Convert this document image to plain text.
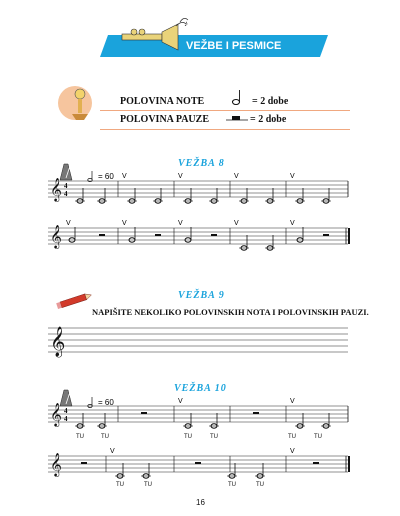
VEŽBE I PESMICE
♪
POLOVINA NOTE	= 2 dobe
POLOVINA PAUZE	= 2 dobe
VEŽBA 8
VEŽBA 9
VEŽBA 10
NAPIŠITE NEKOLIKO POLOVINSKIH NOTA I POLOVINSKIH PAUZI.
= 60
= 60
𝄞
4
4
V	V	V	V
V	V	V	V	V
𝄞
4
4
V	V
V	V
TU	TU	TU	TU	TU	TU
TU	TU	TU	TU
16
